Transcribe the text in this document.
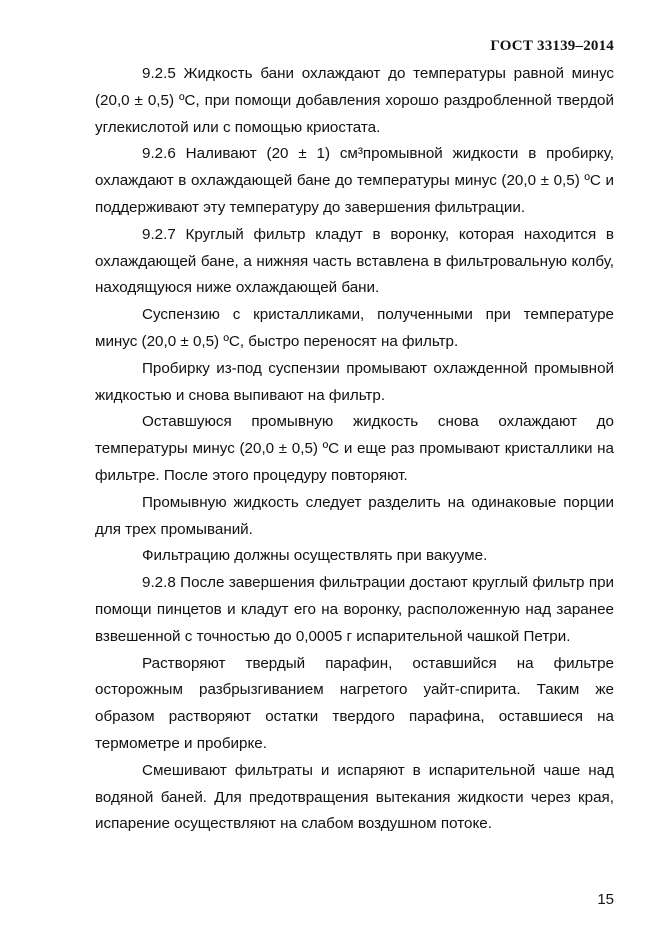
ГОСТ 33139–2014

9.2.5 Жидкость бани охлаждают до температуры равной минус (20,0 ± 0,5) ºС, при помощи добавления хорошо раздробленной твердой углекислотой или с помощью криостата.

9.2.6 Наливают (20 ± 1) см³промывной жидкости в пробирку, охлаждают в охлаждающей бане до температуры минус (20,0 ± 0,5) ºС и поддерживают эту температуру до завершения фильтрации.

9.2.7 Круглый фильтр кладут в воронку, которая находится в охлаждающей бане, а нижняя часть вставлена в фильтровальную колбу, находящуюся ниже охлаждающей бани.

Суспензию с кристалликами, полученными при температуре минус (20,0 ± 0,5) ºС, быстро переносят на фильтр.

Пробирку из-под суспензии промывают охлажденной промывной жидкостью и снова выпивают на фильтр.

Оставшуюся промывную жидкость снова охлаждают до температуры минус (20,0 ± 0,5) ºС и еще раз промывают кристаллики на фильтре. После этого процедуру повторяют.

Промывную жидкость следует разделить на одинаковые порции для трех промываний.

Фильтрацию должны осуществлять при вакууме.

9.2.8 После завершения фильтрации достают круглый фильтр при помощи пинцетов и кладут его на воронку, расположенную над заранее взвешенной с точностью до 0,0005 г испарительной чашкой Петри.

Растворяют твердый парафин, оставшийся на фильтре осторожным разбрызгиванием нагретого уайт-спирита. Таким же образом растворяют остатки твердого парафина, оставшиеся на термометре и пробирке.

Смешивают фильтраты и испаряют в испарительной чаше над водяной баней. Для предотвращения вытекания жидкости через края, испарение осуществляют на слабом воздушном потоке.

15
